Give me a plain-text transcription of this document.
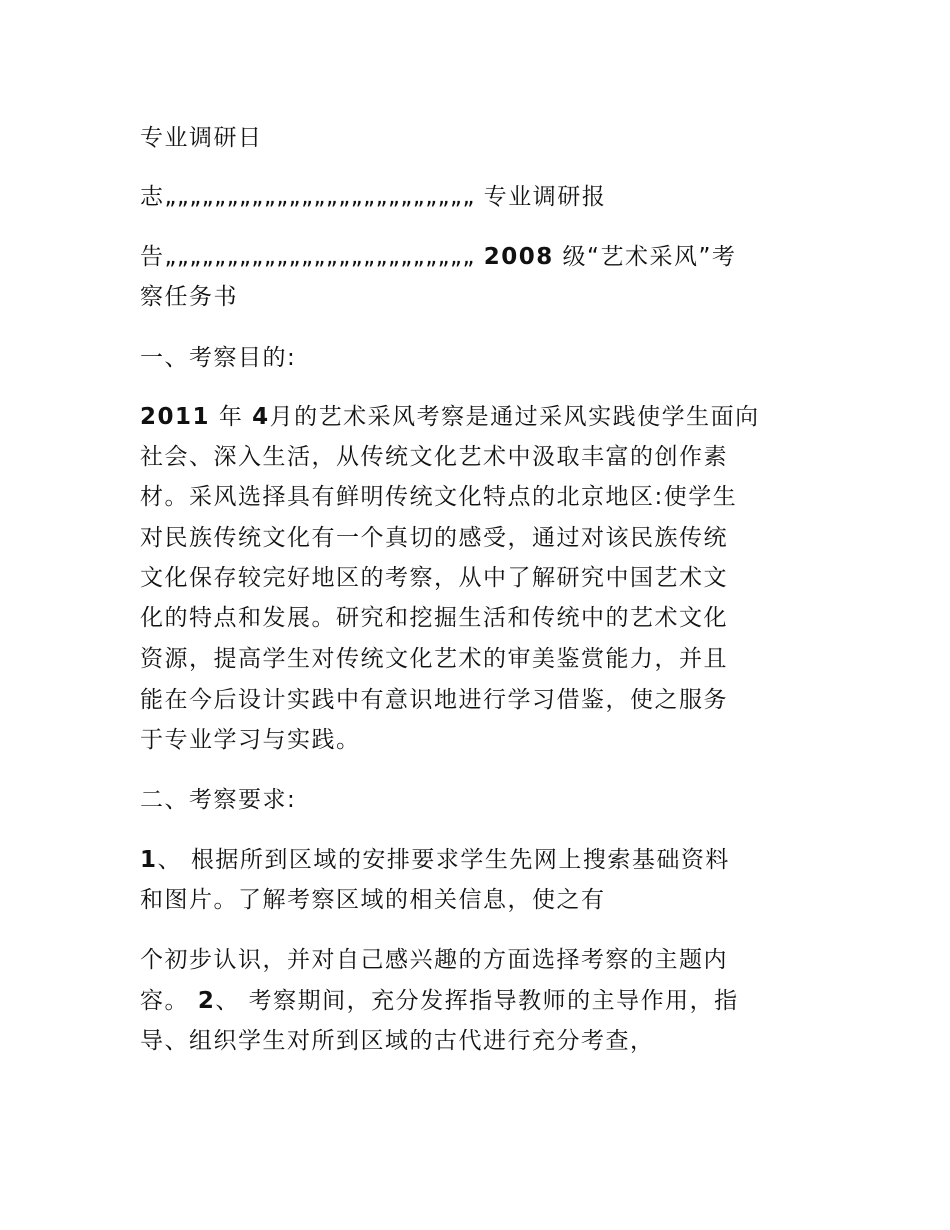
专业调研日
志„„„„„„„„„„„„„„„„„„„„„„„„„ 专业调研报
告„„„„„„„„„„„„„„„„„„„„„„„„„ 2008 级“艺术采风”考
察任务书
一、考察目的:
2011 年 4月的艺术采风考察是通过采风实践使学生面向
社会、深入生活，从传统文化艺术中汲取丰富的创作素
材。采风选择具有鲜明传统文化特点的北京地区:使学生
对民族传统文化有一个真切的感受，通过对该民族传统
文化保存较完好地区的考察，从中了解研究中国艺术文
化的特点和发展。研究和挖掘生活和传统中的艺术文化
资源，提高学生对传统文化艺术的审美鉴赏能力，并且
能在今后设计实践中有意识地进行学习借鉴，使之服务
于专业学习与实践。
二、考察要求:
1、 根据所到区域的安排要求学生先网上搜索基础资料
和图片。了解考察区域的相关信息，使之有
个初步认识，并对自己感兴趣的方面选择考察的主题内
容。 2、 考察期间，充分发挥指导教师的主导作用，指
导、组织学生对所到区域的古代进行充分考查，
